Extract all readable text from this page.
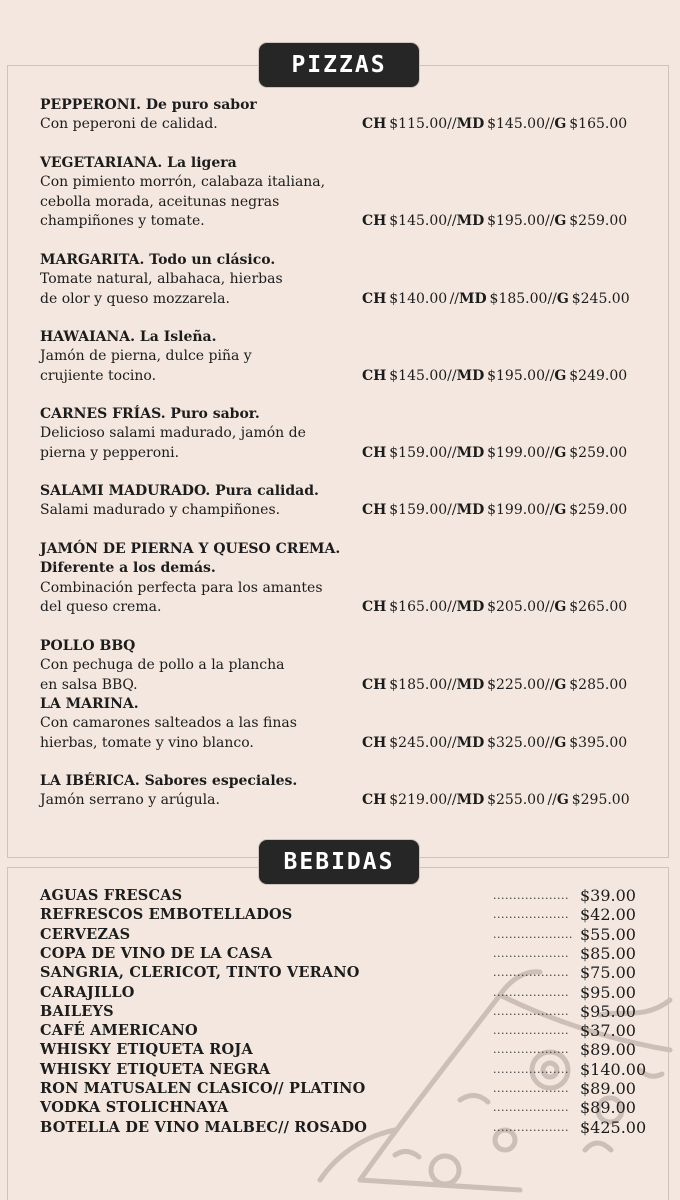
PIZZAS
BEBIDAS
PEPPERONI. De puro sabor
Con peperoni de calidad.	CH $115.00//MD $145.00//G $165.00
VEGETARIANA. La ligera
Con pimiento morrón, calabaza italiana,
cebolla morada, aceitunas negras
champiñones y tomate.	CH $145.00//MD $195.00//G $259.00
MARGARITA. Todo un clásico.
Tomate natural, albahaca, hierbas
de olor y queso mozzarela.	CH $140.00 //MD $185.00//G $245.00
HAWAIANA. La Isleña.
Jamón de pierna, dulce piña y
crujiente tocino.	CH $145.00//MD $195.00//G $249.00
CARNES FRÍAS. Puro sabor.
Delicioso salami madurado, jamón de
pierna y pepperoni.	CH $159.00//MD $199.00//G $259.00
SALAMI MADURADO. Pura calidad.
Salami madurado y champiñones.	CH $159.00//MD $199.00//G $259.00
JAMÓN DE PIERNA Y QUESO CREMA.
Diferente a los demás.
Combinación perfecta para los amantes
del queso crema.	CH $165.00//MD $205.00//G $265.00
POLLO BBQ
Con pechuga de pollo a la plancha
en salsa BBQ.	CH $185.00//MD $225.00//G $285.00
LA MARINA.
Con camarones salteados a las finas
hierbas, tomate y vino blanco.	CH $245.00//MD $325.00//G $395.00
LA IBÉRICA. Sabores especiales.
Jamón serrano y arúgula.	CH $219.00//MD $255.00 //G $295.00
AGUAS FRESCAS	................... $39.00
REFRESCOS EMBOTELLADOS	................... $42.00
CERVEZAS	.................... $55.00
COPA DE VINO DE LA CASA	................... $85.00
SANGRIA, CLERICOT, TINTO VERANO	................... $75.00
CARAJILLO	................... $95.00
BAILEYS	................... $95.00
CAFÉ AMERICANO	................... $37.00
WHISKY ETIQUETA ROJA	................... $89.00
WHISKY ETIQUETA NEGRA	................... $140.00
RON MATUSALEN CLASICO// PLATINO	................... $89.00
VODKA STOLICHNAYA	................... $89.00
BOTELLA DE VINO MALBEC// ROSADO	................... $425.00
